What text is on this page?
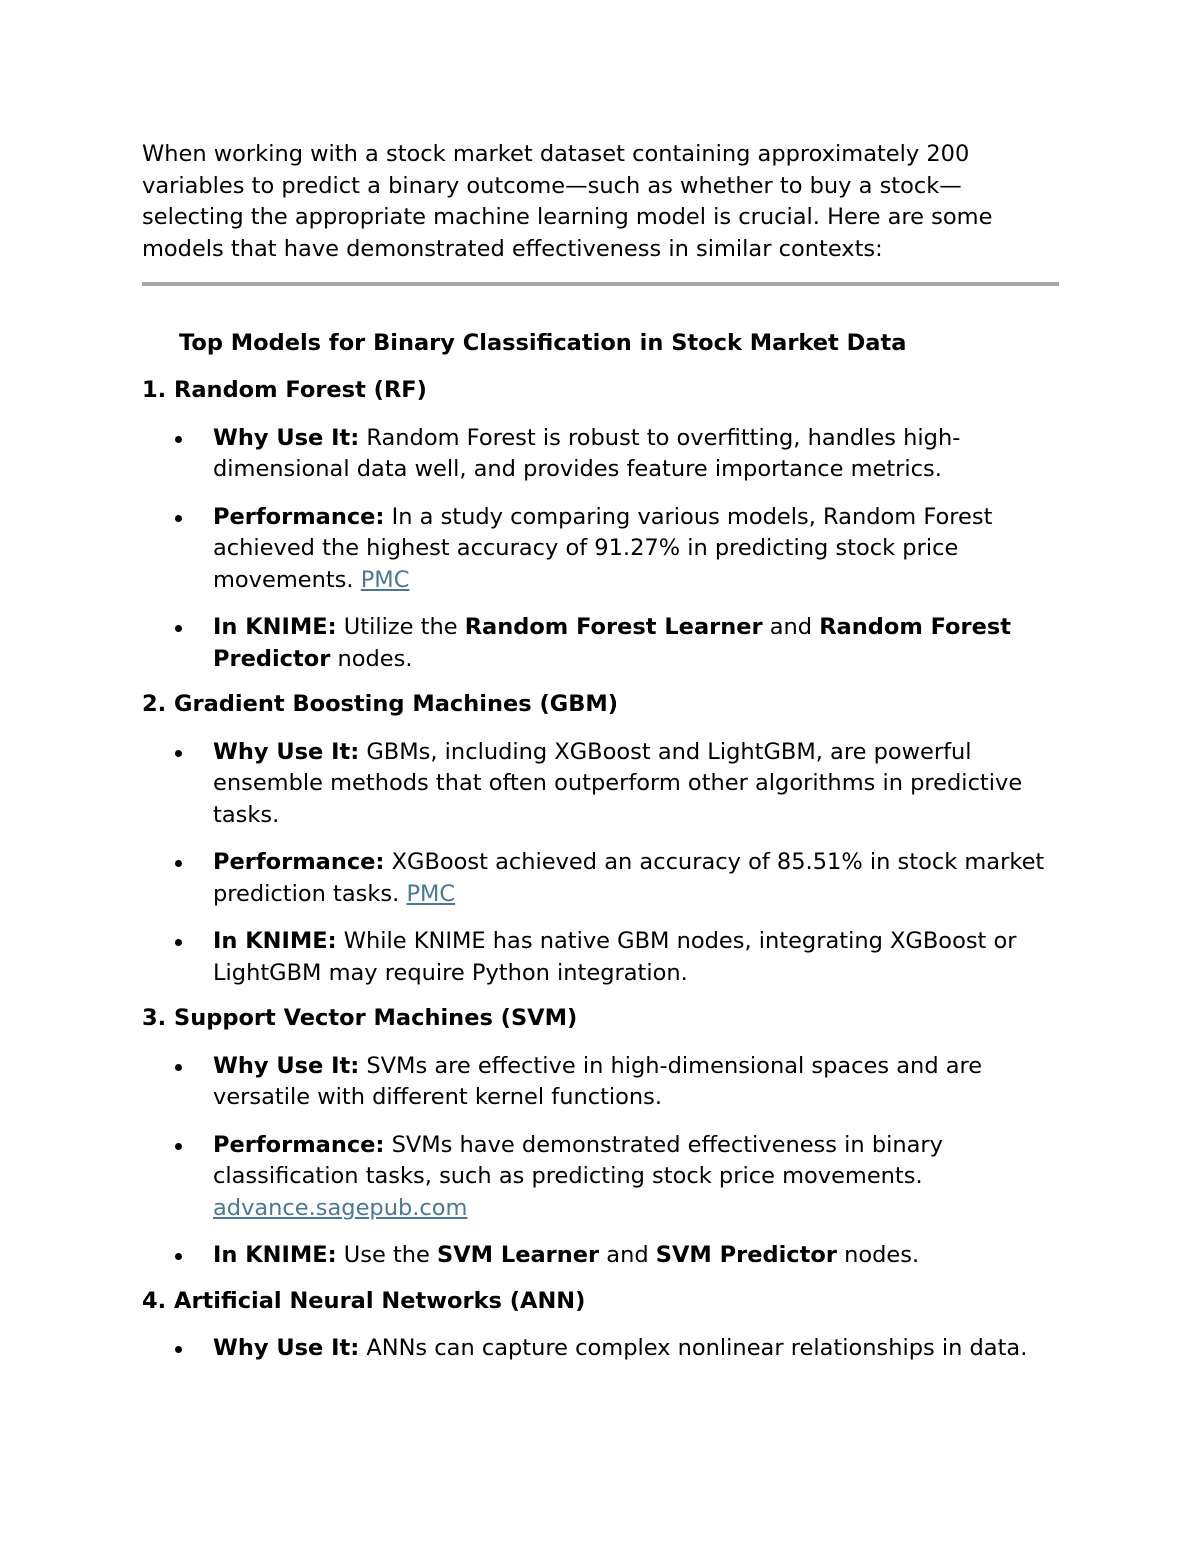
When working with a stock market dataset containing approximately 200 variables to predict a binary outcome—such as whether to buy a stock—selecting the appropriate machine learning model is crucial. Here are some models that have demonstrated effectiveness in similar contexts:

Top Models for Binary Classification in Stock Market Data

1. Random Forest (RF)

Why Use It: Random Forest is robust to overfitting, handles high-dimensional data well, and provides feature importance metrics.
Performance: In a study comparing various models, Random Forest achieved the highest accuracy of 91.27% in predicting stock price movements. PMC
In KNIME: Utilize the Random Forest Learner and Random Forest Predictor nodes.

2. Gradient Boosting Machines (GBM)

Why Use It: GBMs, including XGBoost and LightGBM, are powerful ensemble methods that often outperform other algorithms in predictive tasks.
Performance: XGBoost achieved an accuracy of 85.51% in stock market prediction tasks. PMC
In KNIME: While KNIME has native GBM nodes, integrating XGBoost or LightGBM may require Python integration.

3. Support Vector Machines (SVM)

Why Use It: SVMs are effective in high-dimensional spaces and are versatile with different kernel functions.
Performance: SVMs have demonstrated effectiveness in binary classification tasks, such as predicting stock price movements. advance.sagepub.com
In KNIME: Use the SVM Learner and SVM Predictor nodes.

4. Artificial Neural Networks (ANN)

Why Use It: ANNs can capture complex nonlinear relationships in data.
